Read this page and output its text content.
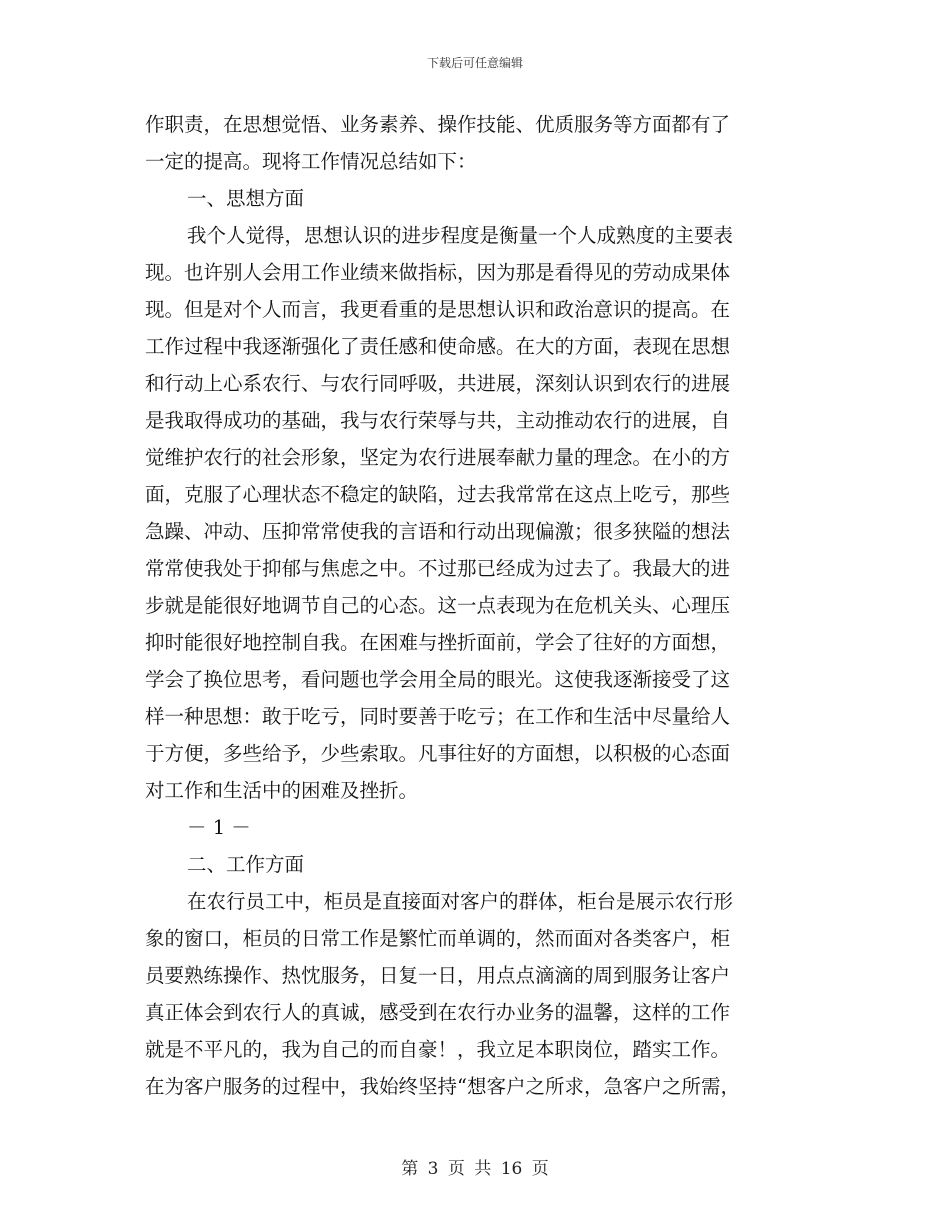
下载后可任意编辑
作职责，在思想觉悟、业务素养、操作技能、优质服务等方面都有了
一定的提高。现将工作情况总结如下：
一、思想方面
我个人觉得，思想认识的进步程度是衡量一个人成熟度的主要表
现。也许别人会用工作业绩来做指标，因为那是看得见的劳动成果体
现。但是对个人而言，我更看重的是思想认识和政治意识的提高。在
工作过程中我逐渐强化了责任感和使命感。在大的方面，表现在思想
和行动上心系农行、与农行同呼吸，共进展，深刻认识到农行的进展
是我取得成功的基础，我与农行荣辱与共，主动推动农行的进展，自
觉维护农行的社会形象，坚定为农行进展奉献力量的理念。在小的方
面，克服了心理状态不稳定的缺陷，过去我常常在这点上吃亏，那些
急躁、冲动、压抑常常使我的言语和行动出现偏激；很多狭隘的想法
常常使我处于抑郁与焦虑之中。不过那已经成为过去了。我最大的进
步就是能很好地调节自己的心态。这一点表现为在危机关头、心理压
抑时能很好地控制自我。在困难与挫折面前，学会了往好的方面想，
学会了换位思考，看问题也学会用全局的眼光。这使我逐渐接受了这
样一种思想：敢于吃亏，同时要善于吃亏；在工作和生活中尽量给人
于方便，多些给予，少些索取。凡事往好的方面想，以积极的心态面
对工作和生活中的困难及挫折。
－ 1 －
二、工作方面
在农行员工中，柜员是直接面对客户的群体，柜台是展示农行形
象的窗口，柜员的日常工作是繁忙而单调的，然而面对各类客户，柜
员要熟练操作、热忱服务，日复一日，用点点滴滴的周到服务让客户
真正体会到农行人的真诚，感受到在农行办业务的温馨，这样的工作
就是不平凡的，我为自己的而自豪！，我立足本职岗位，踏实工作。
在为客户服务的过程中，我始终坚持“想客户之所求，急客户之所需，
第 3 页 共 16 页
